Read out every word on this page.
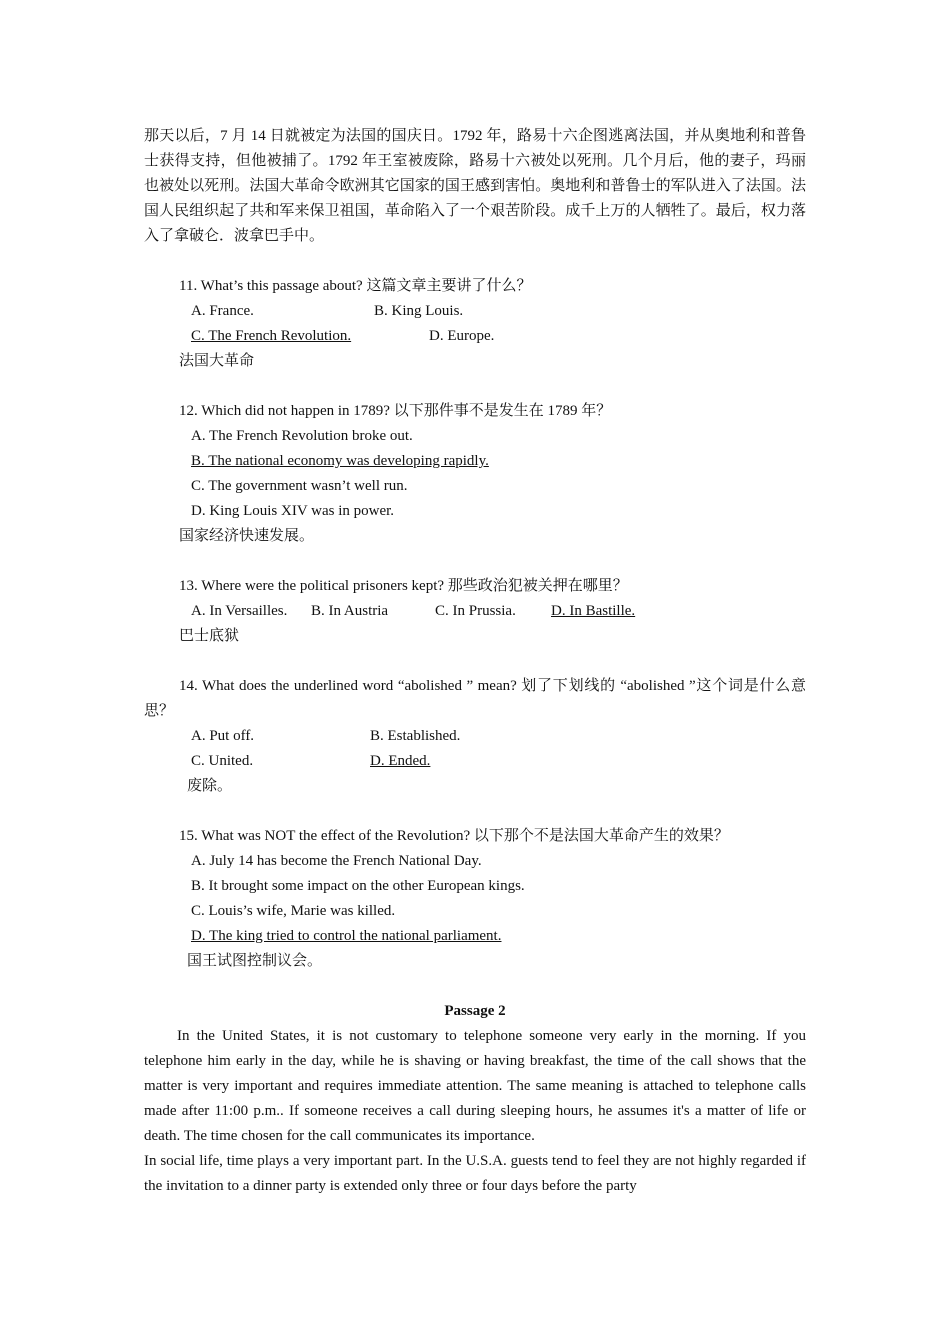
那天以后，7 月 14 日就被定为法国的国庆日。1792 年，路易十六企图逃离法国，并从奥地利和普鲁士获得支持，但他被捕了。1792 年王室被废除，路易十六被处以死刑。几个月后，他的妻子，玛丽也被处以死刑。法国大革命令欧洲其它国家的国王感到害怕。奥地利和普鲁士的军队进入了法国。法国人民组织起了共和军来保卫祖国，革命陷入了一个艰苦阶段。成千上万的人牺牲了。最后，权力落入了拿破仑．波拿巴手中。

11. What’s this passage about? 这篇文章主要讲了什么？

A. France.	B. King Louis.

C. The French Revolution.	D. Europe.

法国大革命

12. Which did not happen in 1789? 以下那件事不是发生在 1789 年？

A. The French Revolution broke out.

B. The national economy was developing rapidly.

C. The government wasn’t well run.

D. King Louis XIV was in power.

国家经济快速发展。

13. Where were the political prisoners kept? 那些政治犯被关押在哪里？

A. In Versailles. B. In Austria	C. In Prussia. D. In Bastille.

巴士底狱

14. What does the underlined word “abolished ” mean? 划了下划线的 “abolished ”这个词是什么意思？

A. Put off.	B. Established.

C. United.	D. Ended.

废除。

15. What was NOT the effect of the Revolution? 以下那个不是法国大革命产生的效果？

A. July 14 has become the French National Day.

B. It brought some impact on the other European kings.

C. Louis’s wife, Marie was killed.

D. The king tried to control the national parliament.

国王试图控制议会。

Passage 2

In the United States, it is not customary to telephone someone very early in the morning. If you telephone him early in the day, while he is shaving or having breakfast, the time of the call shows that the matter is very important and requires immediate attention. The same meaning is attached to telephone calls made after 11:00 p.m.. If someone receives a call during sleeping hours, he assumes it's a matter of life or death. The time chosen for the call communicates its importance.

In social life, time plays a very important part. In the U.S.A. guests tend to feel they are not highly regarded if the invitation to a dinner party is extended only three or four days before the party
